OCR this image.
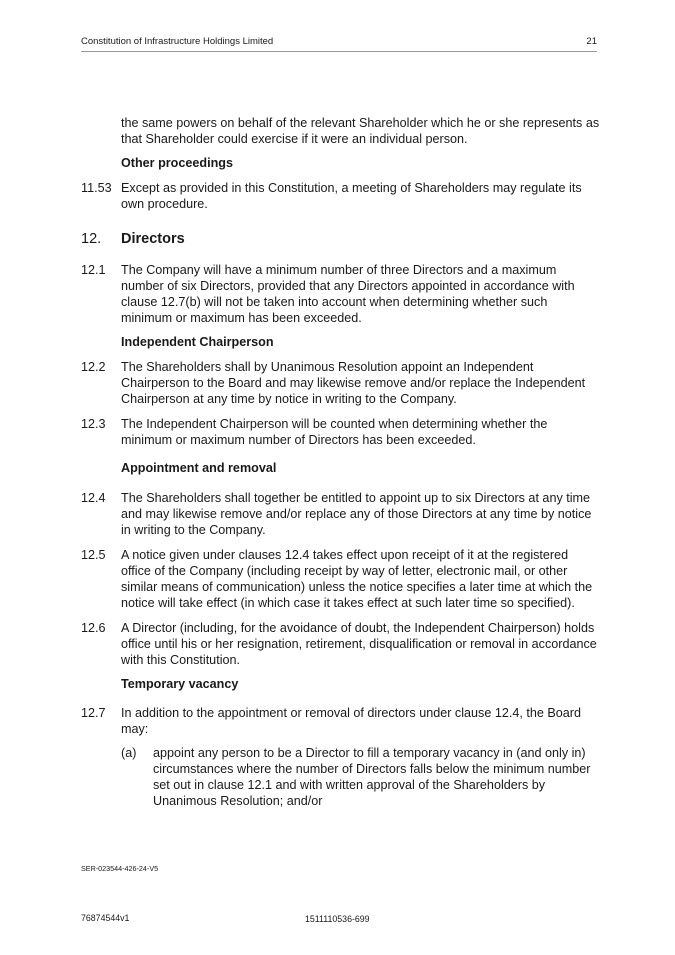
Constitution of Infrastructure Holdings Limited	21
the same powers on behalf of the relevant Shareholder which he or she represents as that Shareholder could exercise if it were an individual person.
Other proceedings
11.53 Except as provided in this Constitution, a meeting of Shareholders may regulate its own procedure.
12.	Directors
12.1	The Company will have a minimum number of three Directors and a maximum number of six Directors, provided that any Directors appointed in accordance with clause 12.7(b) will not be taken into account when determining whether such minimum or maximum has been exceeded.
Independent Chairperson
12.2	The Shareholders shall by Unanimous Resolution appoint an Independent Chairperson to the Board and may likewise remove and/or replace the Independent Chairperson at any time by notice in writing to the Company.
12.3	The Independent Chairperson will be counted when determining whether the minimum or maximum number of Directors has been exceeded.
Appointment and removal
12.4	The Shareholders shall together be entitled to appoint up to six Directors at any time and may likewise remove and/or replace any of those Directors at any time by notice in writing to the Company.
12.5	A notice given under clauses 12.4 takes effect upon receipt of it at the registered office of the Company (including receipt by way of letter, electronic mail, or other similar means of communication) unless the notice specifies a later time at which the notice will take effect (in which case it takes effect at such later time so specified).
12.6	A Director (including, for the avoidance of doubt, the Independent Chairperson) holds office until his or her resignation, retirement, disqualification or removal in accordance with this Constitution.
Temporary vacancy
12.7	In addition to the appointment or removal of directors under clause 12.4, the Board may:
(a)	appoint any person to be a Director to fill a temporary vacancy in (and only in) circumstances where the number of Directors falls below the minimum number set out in clause 12.1 and with written approval of the Shareholders by Unanimous Resolution; and/or
SER-023544-426-24-V5
76874544v1	1511110536-699
